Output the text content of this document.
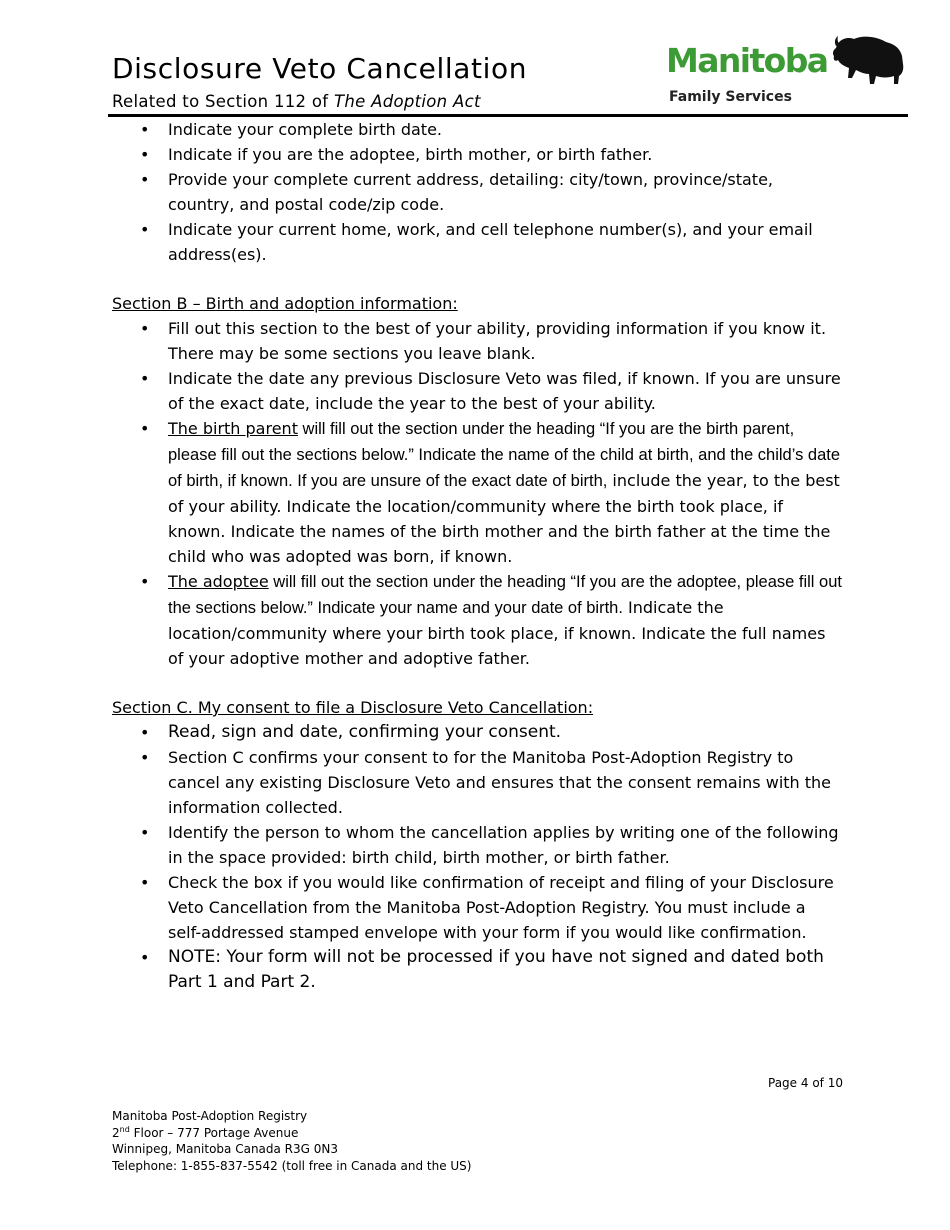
Disclosure Veto Cancellation
Related to Section 112 of The Adoption Act
Manitoba
Family Services
• Indicate your complete birth date.
• Indicate if you are the adoptee, birth mother, or birth father.
• Provide your complete current address, detailing: city/town, province/state, country, and postal code/zip code.
• Indicate your current home, work, and cell telephone number(s), and your email address(es).
Section B – Birth and adoption information:
• Fill out this section to the best of your ability, providing information if you know it. There may be some sections you leave blank.
• Indicate the date any previous Disclosure Veto was filed, if known. If you are unsure of the exact date, include the year to the best of your ability.
• The birth parent will fill out the section under the heading “If you are the birth parent, please fill out the sections below.” Indicate the name of the child at birth, and the child’s date of birth, if known. If you are unsure of the exact date of birth, include the year, to the best of your ability. Indicate the location/community where the birth took place, if known. Indicate the names of the birth mother and the birth father at the time the child who was adopted was born, if known.
• The adoptee will fill out the section under the heading “If you are the adoptee, please fill out the sections below.” Indicate your name and your date of birth. Indicate the location/community where your birth took place, if known. Indicate the full names of your adoptive mother and adoptive father.
Section C. My consent to file a Disclosure Veto Cancellation:
• Read, sign and date, confirming your consent.
• Section C confirms your consent to for the Manitoba Post-Adoption Registry to cancel any existing Disclosure Veto and ensures that the consent remains with the information collected.
• Identify the person to whom the cancellation applies by writing one of the following in the space provided: birth child, birth mother, or birth father.
• Check the box if you would like confirmation of receipt and filing of your Disclosure Veto Cancellation from the Manitoba Post-Adoption Registry. You must include a self-addressed stamped envelope with your form if you would like confirmation.
• NOTE: Your form will not be processed if you have not signed and dated both Part 1 and Part 2.
Page 4 of 10
Manitoba Post-Adoption Registry
2nd Floor – 777 Portage Avenue
Winnipeg, Manitoba Canada R3G 0N3
Telephone: 1-855-837-5542 (toll free in Canada and the US)
